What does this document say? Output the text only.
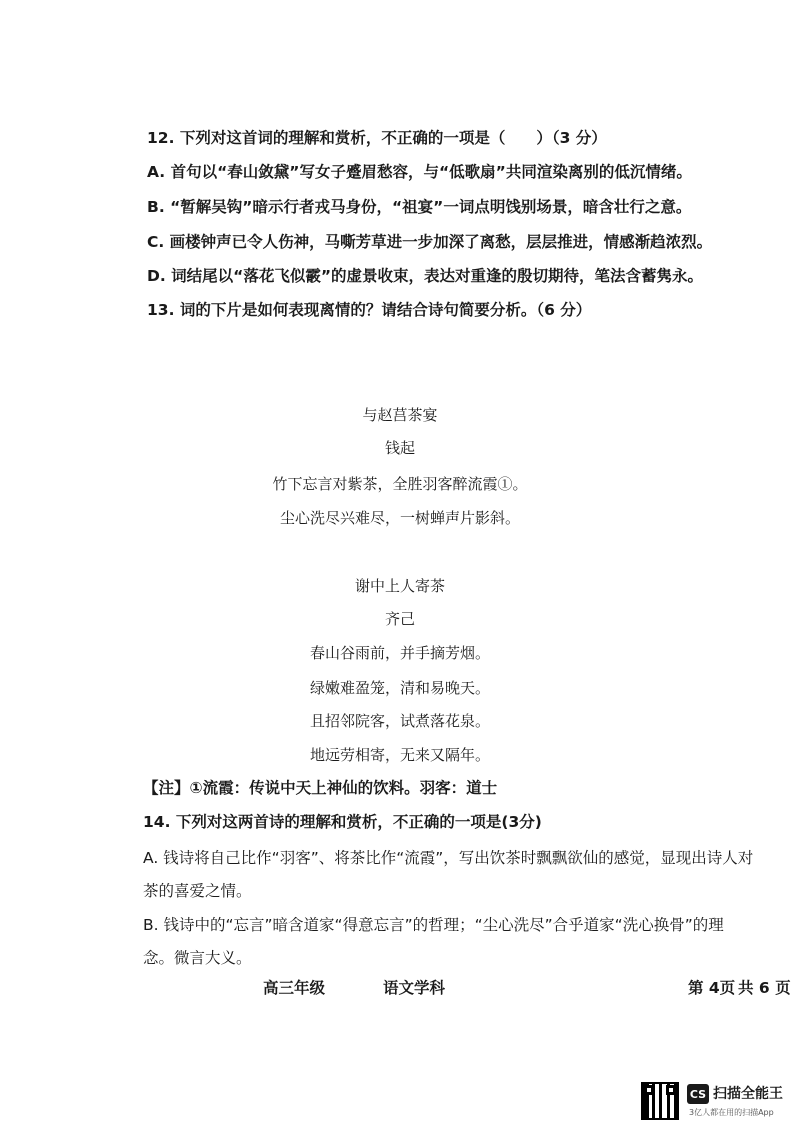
12. 下列对这首词的理解和赏析，不正确的一项是（　　）（3 分）
A. 首句以“春山敛黛”写女子蹙眉愁容，与“低歌扇”共同渲染离别的低沉情绪。
B. “暂解吴钩”暗示行者戎马身份，“祖宴”一词点明饯别场景，暗含壮行之意。
C. 画楼钟声已令人伤神，马嘶芳草进一步加深了离愁，层层推进，情感渐趋浓烈。
D. 词结尾以“落花飞似霰”的虚景收束，表达对重逢的殷切期待，笔法含蓄隽永。
13. 词的下片是如何表现离情的？请结合诗句简要分析。（6 分）
与赵莒茶宴
钱起
竹下忘言对紫茶，全胜羽客醉流霞①。
尘心洗尽兴难尽，一树蝉声片影斜。
谢中上人寄茶
齐己
春山谷雨前，并手摘芳烟。
绿嫩难盈笼，清和易晚天。
且招邻院客，试煮落花泉。
地远劳相寄，无来又隔年。
【注】①流霞：传说中天上神仙的饮料。羽客：道士
14. 下列对这两首诗的理解和赏析，不正确的一项是(3分)
A. 钱诗将自己比作“羽客”、将茶比作“流霞”，写出饮茶时飘飘欲仙的感觉，显现出诗人对
茶的喜爱之情。
B. 钱诗中的“忘言”暗含道家“得意忘言”的哲理；“尘心洗尽”合乎道家“洗心换骨”的理
念。微言大义。
高三年级	语文学科	第 4页 共 6 页
CS 扫描全能王
3亿人都在用的扫描App
